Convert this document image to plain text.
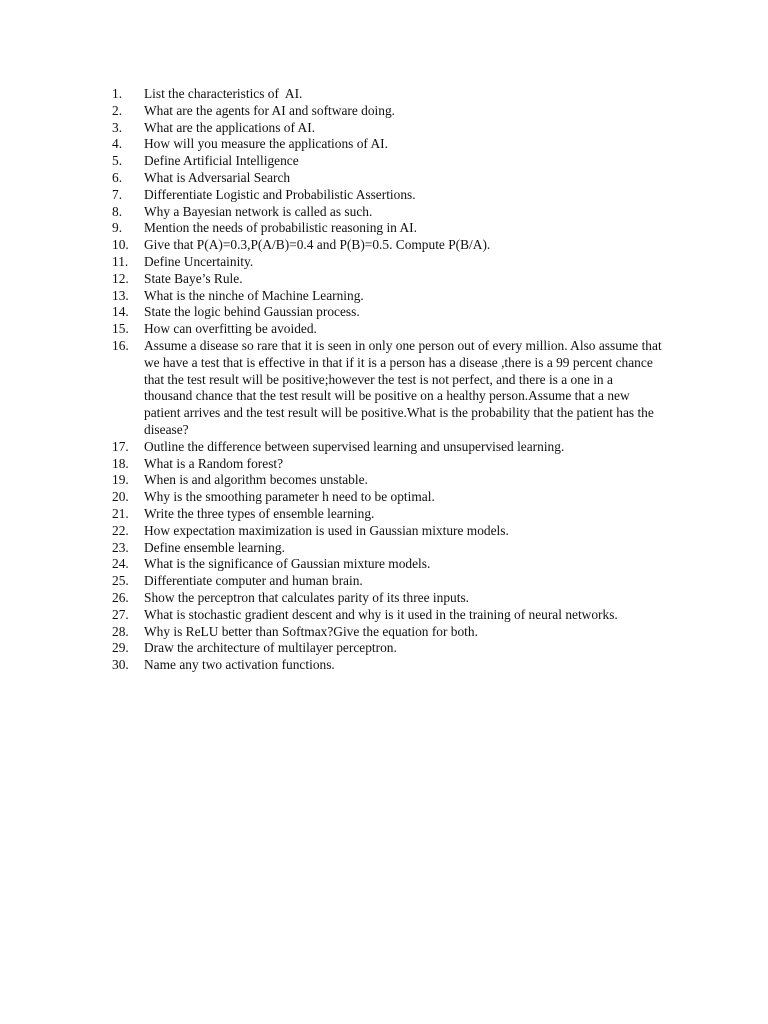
1.	List the characteristics of  AI.
2.	What are the agents for AI and software doing.
3.	What are the applications of AI.
4.	How will you measure the applications of AI.
5.	Define Artificial Intelligence
6.	What is Adversarial Search
7.	Differentiate Logistic and Probabilistic Assertions.
8.	Why a Bayesian network is called as such.
9.	Mention the needs of probabilistic reasoning in AI.
10.	Give that P(A)=0.3,P(A/B)=0.4 and P(B)=0.5. Compute P(B/A).
11.	Define Uncertainity.
12.	State Baye’s Rule.
13.	What is the ninche of Machine Learning.
14.	State the logic behind Gaussian process.
15.	How can overfitting be avoided.
16.	Assume a disease so rare that it is seen in only one person out of every million. Also assume that we have a test that is effective in that if it is a person has a disease ,there is a 99 percent chance that the test result will be positive;however the test is not perfect, and there is a one in a  thousand chance that the test result will be positive on a healthy person.Assume that a new patient arrives and the test result will be positive.What is the probability that the patient has the disease?
17.	Outline the difference between supervised learning and unsupervised learning.
18.	What is a Random forest?
19.	When is and algorithm becomes unstable.
20.	Why is the smoothing parameter h need to be optimal.
21.	Write the three types of ensemble learning.
22.	How expectation maximization is used in Gaussian mixture models.
23.	Define ensemble learning.
24.	What is the significance of Gaussian mixture models.
25.	Differentiate computer and human brain.
26.	Show the perceptron that calculates parity of its three inputs.
27.	What is stochastic gradient descent and why is it used in the training of neural networks.
28.	Why is ReLU better than Softmax?Give the equation for both.
29.	Draw the architecture of multilayer perceptron.
30.	Name any two activation functions.
